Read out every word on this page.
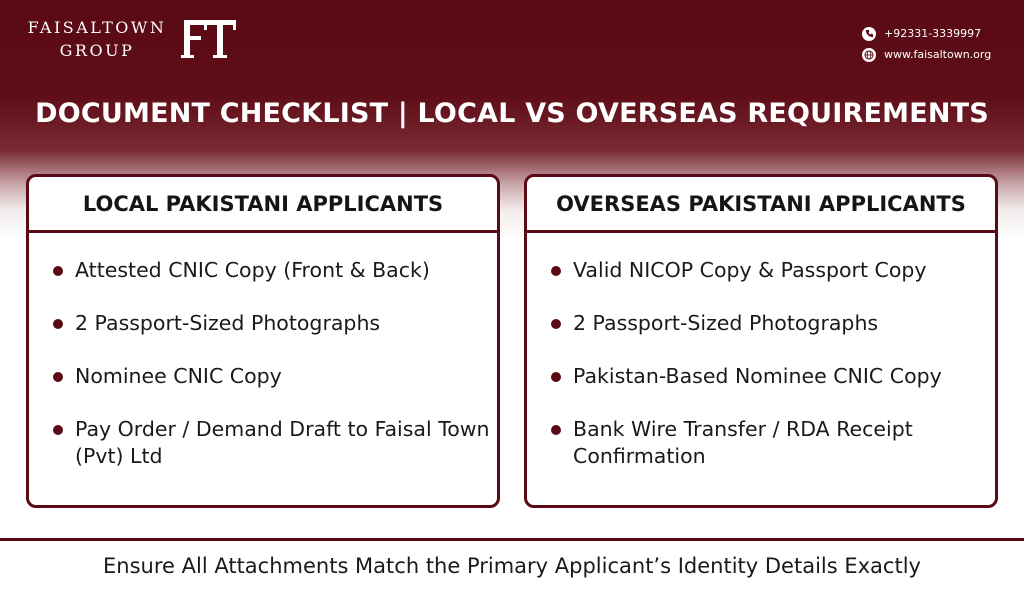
FAISALTOWN
GROUP
+92331-3339997
www.faisaltown.org
DOCUMENT CHECKLIST | LOCAL VS OVERSEAS REQUIREMENTS
LOCAL PAKISTANI APPLICANTS
Attested CNIC Copy (Front & Back)
2 Passport-Sized Photographs
Nominee CNIC Copy
Pay Order / Demand Draft to Faisal Town (Pvt) Ltd
OVERSEAS PAKISTANI APPLICANTS
Valid NICOP Copy & Passport Copy
2 Passport-Sized Photographs
Pakistan-Based Nominee CNIC Copy
Bank Wire Transfer / RDA Receipt Confirmation
Ensure All Attachments Match the Primary Applicant’s Identity Details Exactly
